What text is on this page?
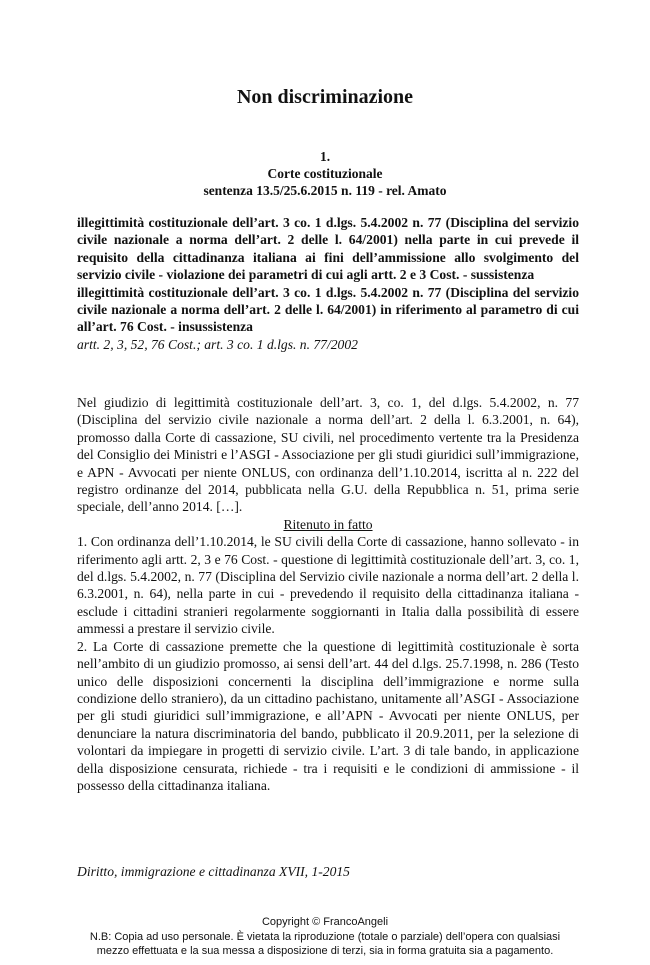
Non discriminazione
1.
Corte costituzionale
sentenza 13.5/25.6.2015 n. 119 - rel. Amato

illegittimità costituzionale dell’art. 3 co. 1 d.lgs. 5.4.2002 n. 77 (Disciplina del servizio civile nazionale a norma dell’art. 2 delle l. 64/2001) nella parte in cui prevede il requisito della cittadinanza italiana ai fini dell’ammissione allo svolgimento del servizio civile - violazione dei parametri di cui agli artt. 2 e 3 Cost. - sussistenza

illegittimità costituzionale dell’art. 3 co. 1 d.lgs. 5.4.2002 n. 77 (Disciplina del servizio civile nazionale a norma dell’art. 2 delle l. 64/2001) in riferimento al parametro di cui all’art. 76 Cost. - insussistenza

artt. 2, 3, 52, 76 Cost.; art. 3 co. 1 d.lgs. n. 77/2002

Nel giudizio di legittimità costituzionale dell’art. 3, co. 1, del d.lgs. 5.4.2002, n. 77 (Disciplina del servizio civile nazionale a norma dell’art. 2 della l. 6.3.2001, n. 64), promosso dalla Corte di cassazione, SU civili, nel procedimento vertente tra la Presidenza del Consiglio dei Ministri e l’ASGI - Associazione per gli studi giuridici sull’immigrazione, e APN - Avvocati per niente ONLUS, con ordinanza dell’1.10.2014, iscritta al n. 222 del registro ordinanze del 2014, pubblicata nella G.U. della Repubblica n. 51, prima serie speciale, dell’anno 2014. […].

Ritenuto in fatto

1. Con ordinanza dell’1.10.2014, le SU civili della Corte di cassazione, hanno sollevato - in riferimento agli artt. 2, 3 e 76 Cost. - questione di legittimità costituzionale dell’art. 3, co. 1, del d.lgs. 5.4.2002, n. 77 (Disciplina del Servizio civile nazionale a norma dell’art. 2 della l. 6.3.2001, n. 64), nella parte in cui - prevedendo il requisito della cittadinanza italiana - esclude i cittadini stranieri regolarmente soggiornanti in Italia dalla possibilità di essere ammessi a prestare il servizio civile.

2. La Corte di cassazione premette che la questione di legittimità costituzionale è sorta nell’ambito di un giudizio promosso, ai sensi dell’art. 44 del d.lgs. 25.7.1998, n. 286 (Testo unico delle disposizioni concernenti la disciplina dell’immigrazione e norme sulla condizione dello straniero), da un cittadino pachistano, unitamente all’ASGI - Associazione per gli studi giuridici sull’immigrazione, e all’APN - Avvocati per niente ONLUS, per denunciare la natura discriminatoria del bando, pubblicato il 20.9.2011, per la selezione di volontari da impiegare in progetti di servizio civile. L’art. 3 di tale bando, in applicazione della disposizione censurata, richiede - tra i requisiti e le condizioni di ammissione - il possesso della cittadinanza italiana.

Diritto, immigrazione e cittadinanza XVII, 1-2015

Copyright © FrancoAngeli
N.B: Copia ad uso personale. È vietata la riproduzione (totale o parziale) dell’opera con qualsiasi
mezzo effettuata e la sua messa a disposizione di terzi, sia in forma gratuita sia a pagamento.
